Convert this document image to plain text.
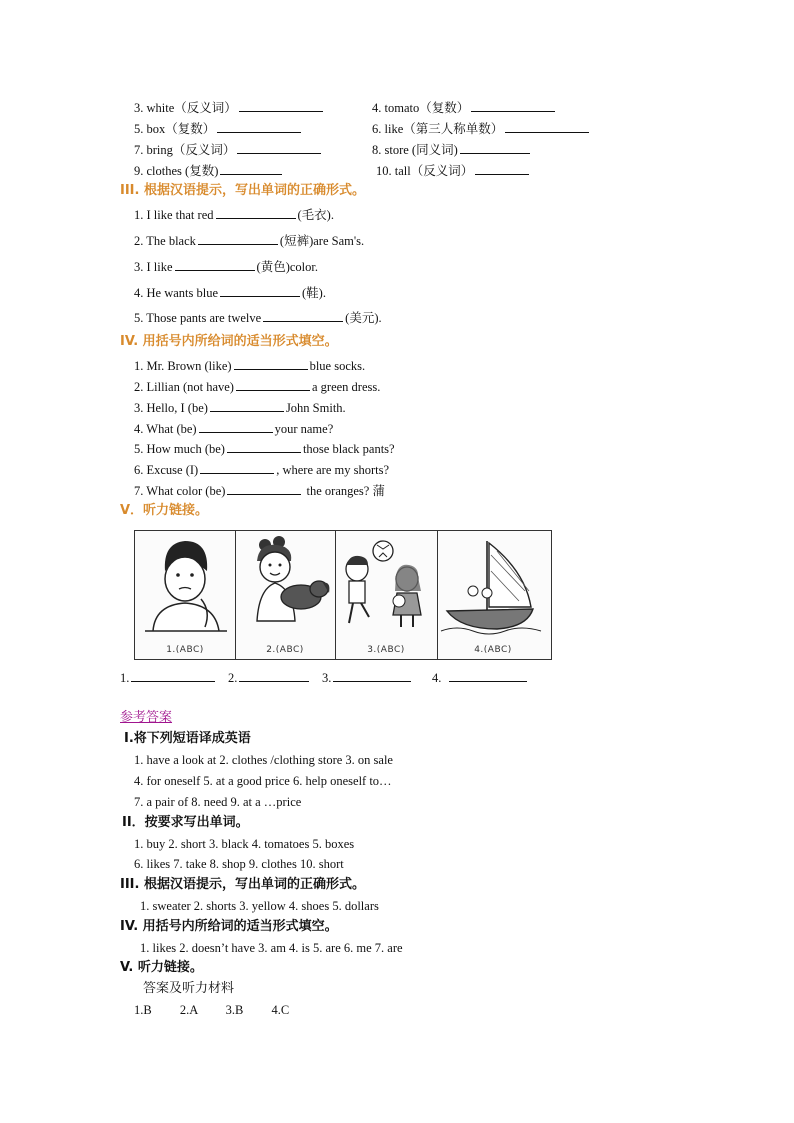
3. white（反义词）	4. tomato（复数）
5. box（复数）	6. like（第三人称单数）
7. bring（反义词）	8. store (同义词)
9. clothes (复数)	10. tall（反义词）
III. 根据汉语提示，写出单词的正确形式。
1. I like that red	(毛衣).
2. The black	(短裤)are Sam's.
3. I like	(黄色)color.
4. He wants blue	(鞋).
5. Those pants are twelve	(美元).
IV. 用括号内所给词的适当形式填空。
1. Mr. Brown (like)	blue socks.
2. Lillian (not have)	a green dress.
3. Hello, I (be)	John Smith.
4. What (be)	your name?
5. How much (be)	those black pants?
6. Excuse (I)	, where are my shorts?
7. What color (be)	the oranges? 蒲
V．听力链接。
1.(ABC)	2.(ABC)	3.(ABC)	4.(ABC)
1.	2.	3.	4.
参考答案
I.将下列短语译成英语
1. have a look at 2. clothes /clothing store 3. on sale
4. for oneself 5. at a good price 6. help oneself to…
7. a pair of 8. need 9. at a …price
II．按要求写出单词。
1. buy 2. short 3. black 4. tomatoes 5. boxes
6. likes 7. take 8. shop 9. clothes 10. short
III. 根据汉语提示，写出单词的正确形式。
1. sweater 2. shorts 3. yellow 4. shoes 5. dollars
IV. 用括号内所给词的适当形式填空。
1. likes 2. doesn’t have 3. am 4. is 5. are 6. me 7. are
V. 听力链接。
答案及听力材料
1.B         2.A         3.B         4.C
